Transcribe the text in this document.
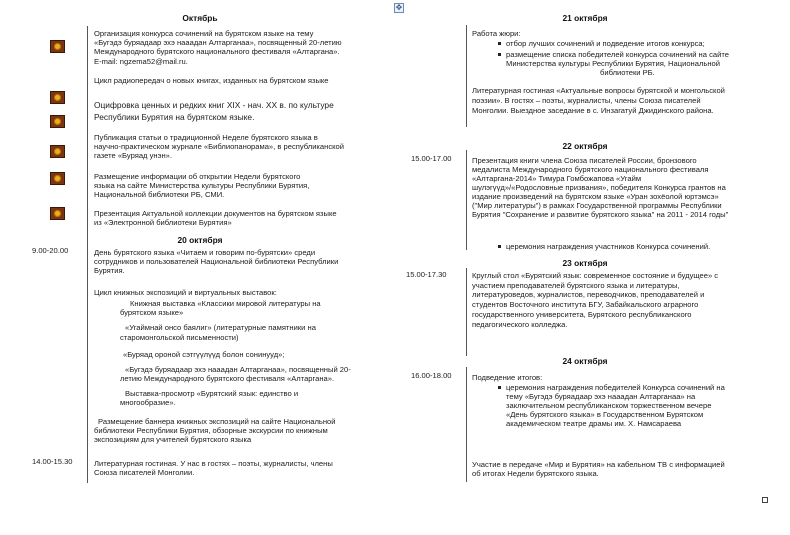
✥
Октябрь
20 октября
21 октября
22 октября
23 октября
24 октября
Организация конкурса сочинений на бурятском языке на тему
«Бугэдэ буряадаар эхэ нааадан Алтарганаа», посвященный 20-летию
Международного бурятского национального фестиваля «Алтаргана».
E-mail: ngzema52@mail.ru.
Цикл радиопередач о новых книгах, изданных на бурятском языке
Оцифровка ценных и редких книг XIX - нач. XX в. по культуре
Республики Бурятия на бурятском языке.
Публикация статьи о традиционной Неделе бурятского языка в
научно-практическом журнале «Библиопанорама», в республиканской
газете «Буряад унэн».
Размещение информации об открытии Недели бурятского
языка на сайте Министерства культуры Республики Бурятия,
Национальной библиотеки РБ, СМИ.
Презентация Актуальной коллекции документов на бурятском языке
из «Электронной библиотеки Бурятия»
9.00-20.00	День бурятского языка «Читаем и говорим по-бурятски» среди
сотрудников и пользователей Национальной библиотеки Республики
Бурятия.
Цикл книжных экспозиций и виртуальных выставок:
Книжная выставка «Классики мировой литературы на
бурятском языке»
«Угаймнай онсо баялиг» (литературные памятники на
старомонгольской письменности)
«Буряад ороной сэтгүүлүүд болон сонинууд»;
«Бугэдэ буряадаар эхэ нааадан Алтарганаа», посвященный 20-
летию Международного бурятского фестиваля «Алтаргана».
Выставка-просмотр «Бурятский язык: единство и
многообразие».
Размещение баннера книжных экспозиций на сайте Национальной
библиотеки Республики Бурятия, обзорные экскурсии по книжным
экспозициям для учителей бурятского языка
14.00-15.30	Литературная гостиная. У нас в гостях – поэты, журналисты, члены
Союза писателей Монголии.
Работа жюри:
отбор лучших сочинений и подведение итогов конкурса;
размещение списка победителей конкурса сочинений на сайте
Министерства культуры Республики Бурятия, Национальной
библиотеки РБ.
Литературная гостиная «Актуальные вопросы бурятской и монгольской
поэзии». В гостях – поэты, журналисты, члены Союза писателей
Монголии. Выездное заседание в с. Инзагатуй Джидинского района.
15.00-17.00	Презентация книги члена Союза писателей России, бронзового
медалиста Международного бурятского национального фестиваля
«Алтаргана-2014» Тимура Гомбожапова «Угайм
шулэгүүд»/«Родословные призвания», победителя Конкурса грантов на
издание произведений на бурятском языке «Уран зохёолой юртэмсэ»
("Мир литературы") в рамках Государственной программы Республики
Бурятия "Сохранение и развитие бурятского языка" на 2011 - 2014 годы"
церемония награждения участников Конкурса сочинений.
15.00-17.30	Круглый стол «Бурятский язык: современное состояние и будущее» с
участием преподавателей бурятского языка и литературы,
литературоведов, журналистов, переводчиков, преподавателей и
студентов Восточного института БГУ, Забайкальского аграрного
государственного университета, Бурятского республиканского
педагогического колледжа.
16.00-18.00	Подведение итогов:
церемония награждения победителей Конкурса сочинений на
тему «Бугэдэ буряадаар эхэ нааадан Алтарганаа» на
заключительном республиканском торжественном вечере
«День бурятского языка» в Государственном Бурятском
академическом театре драмы им. Х. Намсараева
Участие в передаче «Мир и Бурятия» на кабельном ТВ с информацией
об итогах Недели бурятского языка.
